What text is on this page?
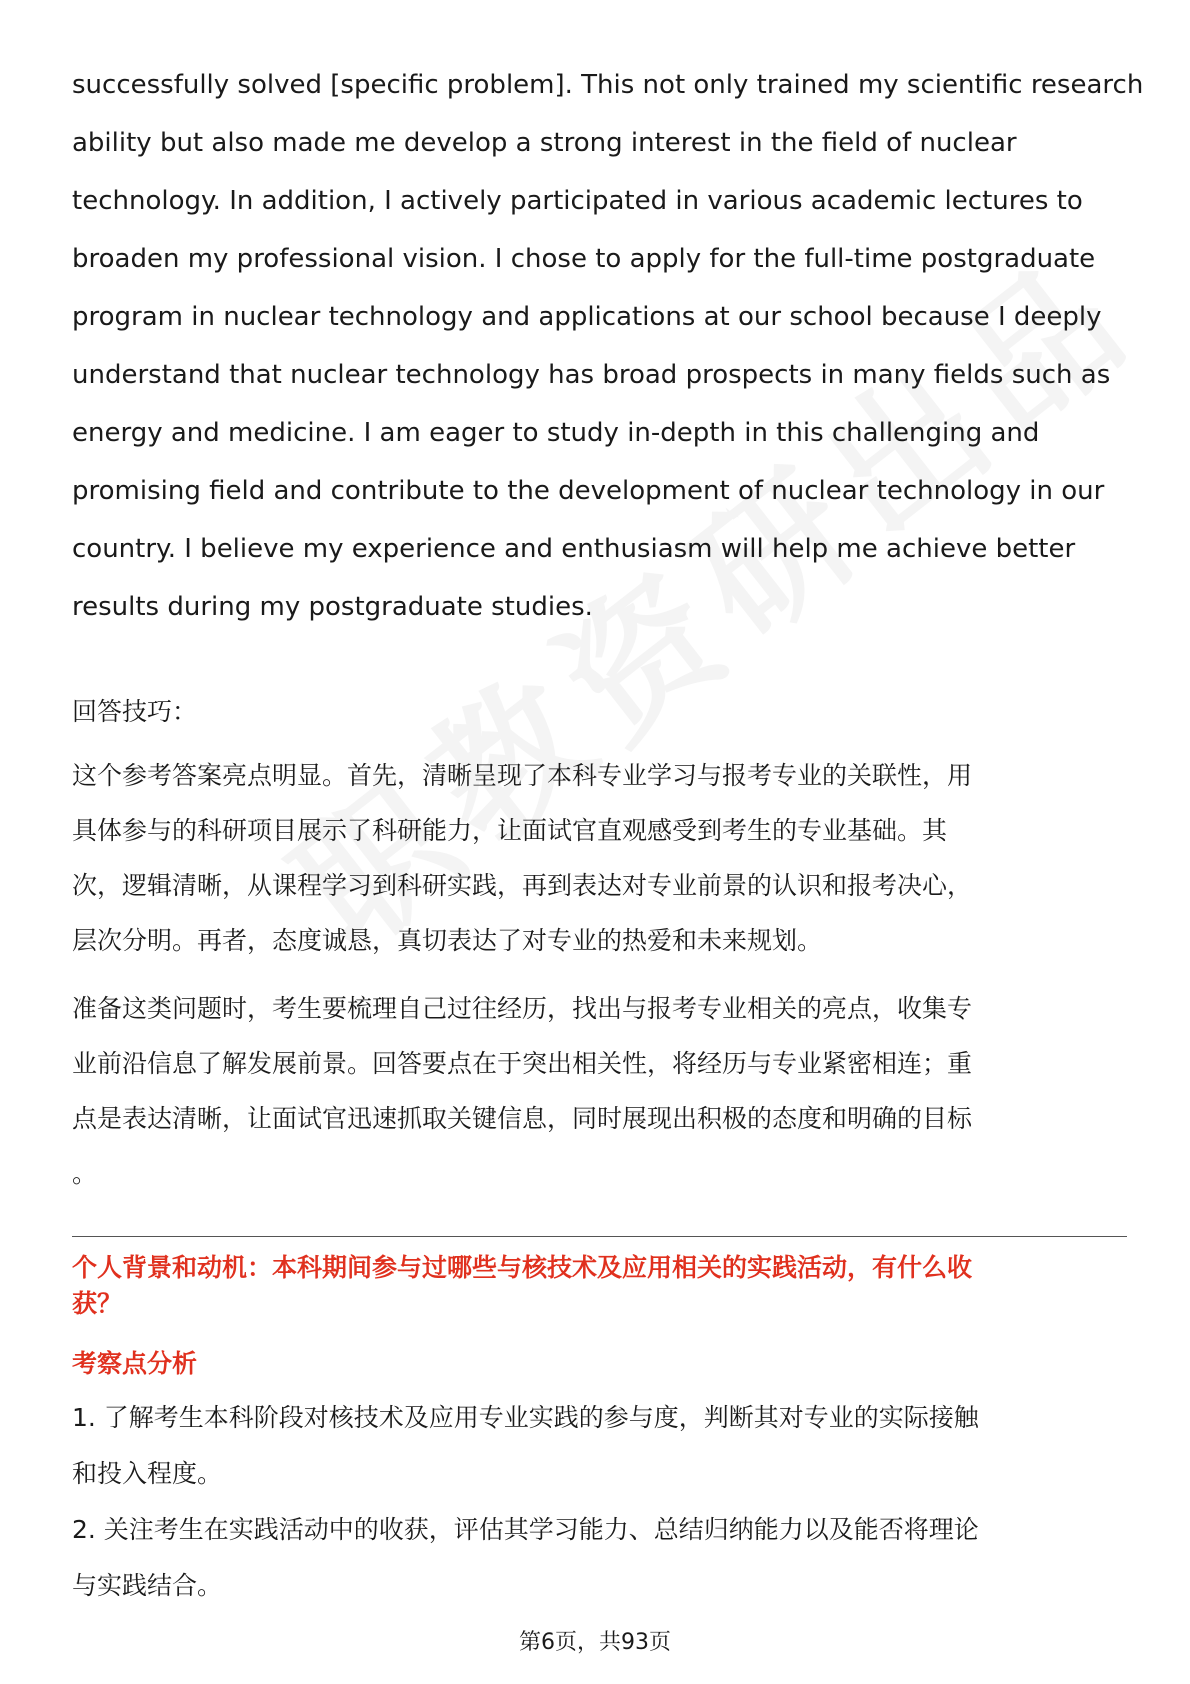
successfully solved [specific problem]. This not only trained my scientific research

ability but also made me develop a strong interest in the field of nuclear

technology. In addition, I actively participated in various academic lectures to

broaden my professional vision. I chose to apply for the full-time postgraduate

program in nuclear technology and applications at our school because I deeply

understand that nuclear technology has broad prospects in many fields such as

energy and medicine. I am eager to study in-depth in this challenging and

promising field and contribute to the development of nuclear technology in our

country. I believe my experience and enthusiasm will help me achieve better

results during my postgraduate studies.

回答技巧：

这个参考答案亮点明显。首先，清晰呈现了本科专业学习与报考专业的关联性，用

具体参与的科研项目展示了科研能力，让面试官直观感受到考生的专业基础。其

次，逻辑清晰，从课程学习到科研实践，再到表达对专业前景的认识和报考决心，

层次分明。再者，态度诚恳，真切表达了对专业的热爱和未来规划。

准备这类问题时，考生要梳理自己过往经历，找出与报考专业相关的亮点，收集专

业前沿信息了解发展前景。回答要点在于突出相关性，将经历与专业紧密相连；重

点是表达清晰，让面试官迅速抓取关键信息，同时展现出积极的态度和明确的目标

。

个人背景和动机：本科期间参与过哪些与核技术及应用相关的实践活动，有什么收

获？

考察点分析

1. 了解考生本科阶段对核技术及应用专业实践的参与度，判断其对专业的实际接触

和投入程度。

2. 关注考生在实践活动中的收获，评估其学习能力、总结归纳能力以及能否将理论

与实践结合。

第6页，共93页
